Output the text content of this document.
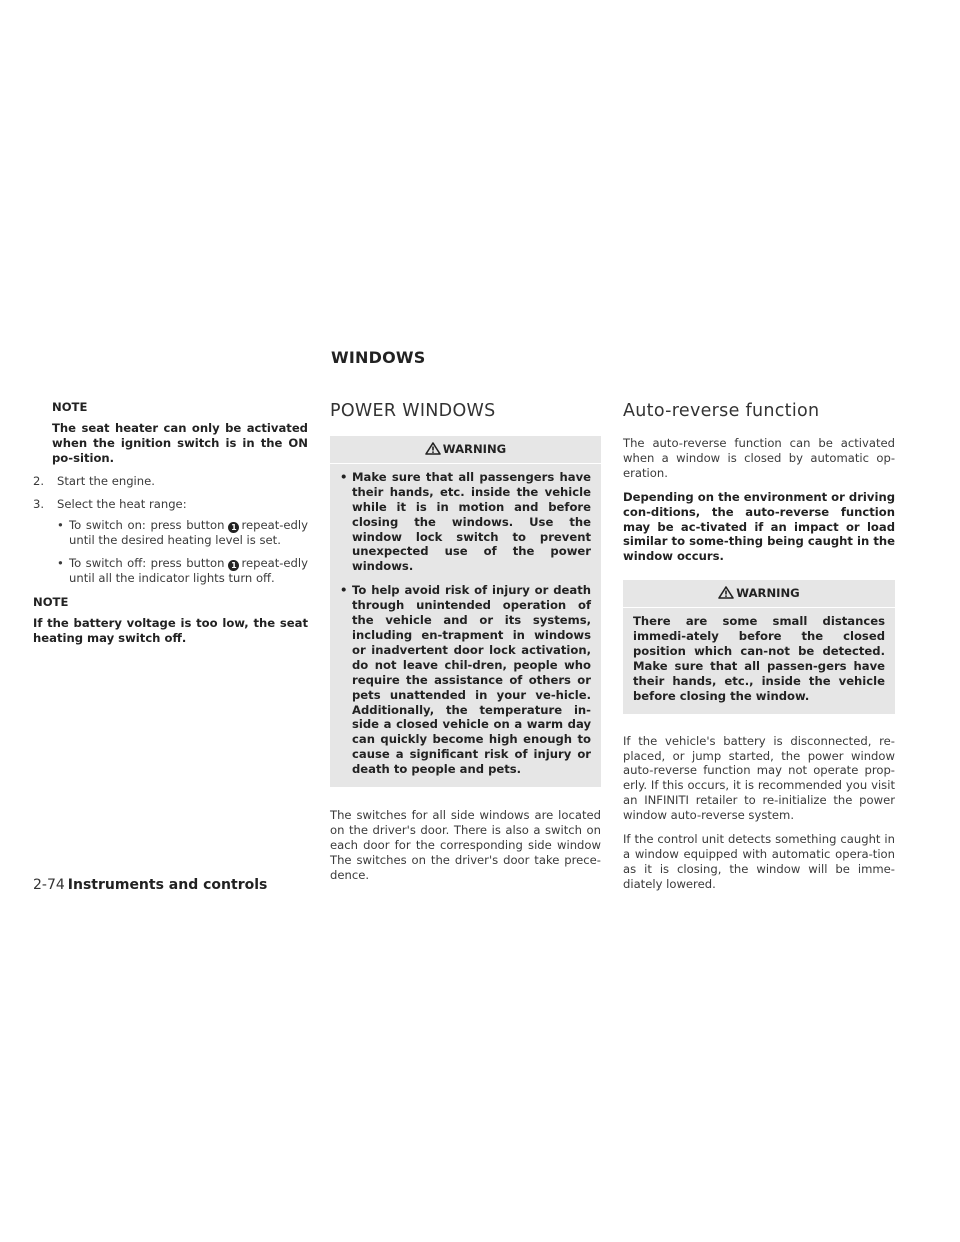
WINDOWS

NOTE

The seat heater can only be activated when the ignition switch is in the ON po-sition.

2. Start the engine.
3. Select the heat range:
• To switch on: press button 1 repeat-edly until the desired heating level is set.
• To switch off: press button 1 repeat-edly until all the indicator lights turn off.

NOTE

If the battery voltage is too low, the seat heating may switch off.

POWER WINDOWS
WARNING
• Make sure that all passengers have their hands, etc. inside the vehicle while it is in motion and before closing the windows. Use the window lock switch to prevent unexpected use of the power windows.
• To help avoid risk of injury or death through unintended operation of the vehicle and or its systems, including en-trapment in windows or inadvertent door lock activation, do not leave chil-dren, people who require the assistance of others or pets unattended in your ve-hicle. Additionally, the temperature in-side a closed vehicle on a warm day can quickly become high enough to cause a significant risk of injury or death to people and pets.

The switches for all side windows are located on the driver's door. There is also a switch on each door for the corresponding side window The switches on the driver's door take prece-dence.

Auto-reverse function

The auto-reverse function can be activated when a window is closed by automatic op-eration.

Depending on the environment or driving con-ditions, the auto-reverse function may be ac-tivated if an impact or load similar to some-thing being caught in the window occurs.

WARNING

There are some small distances immedi-ately before the closed position which can-not be detected. Make sure that all passen-gers have their hands, etc., inside the vehicle before closing the window.

If the vehicle's battery is disconnected, re-placed, or jump started, the power window auto-reverse function may not operate prop-erly. If this occurs, it is recommended you visit an INFINITI retailer to re-initialize the power window auto-reverse system.

If the control unit detects something caught in a window equipped with automatic opera-tion as it is closing, the window will be imme-diately lowered.

2-74 Instruments and controls
